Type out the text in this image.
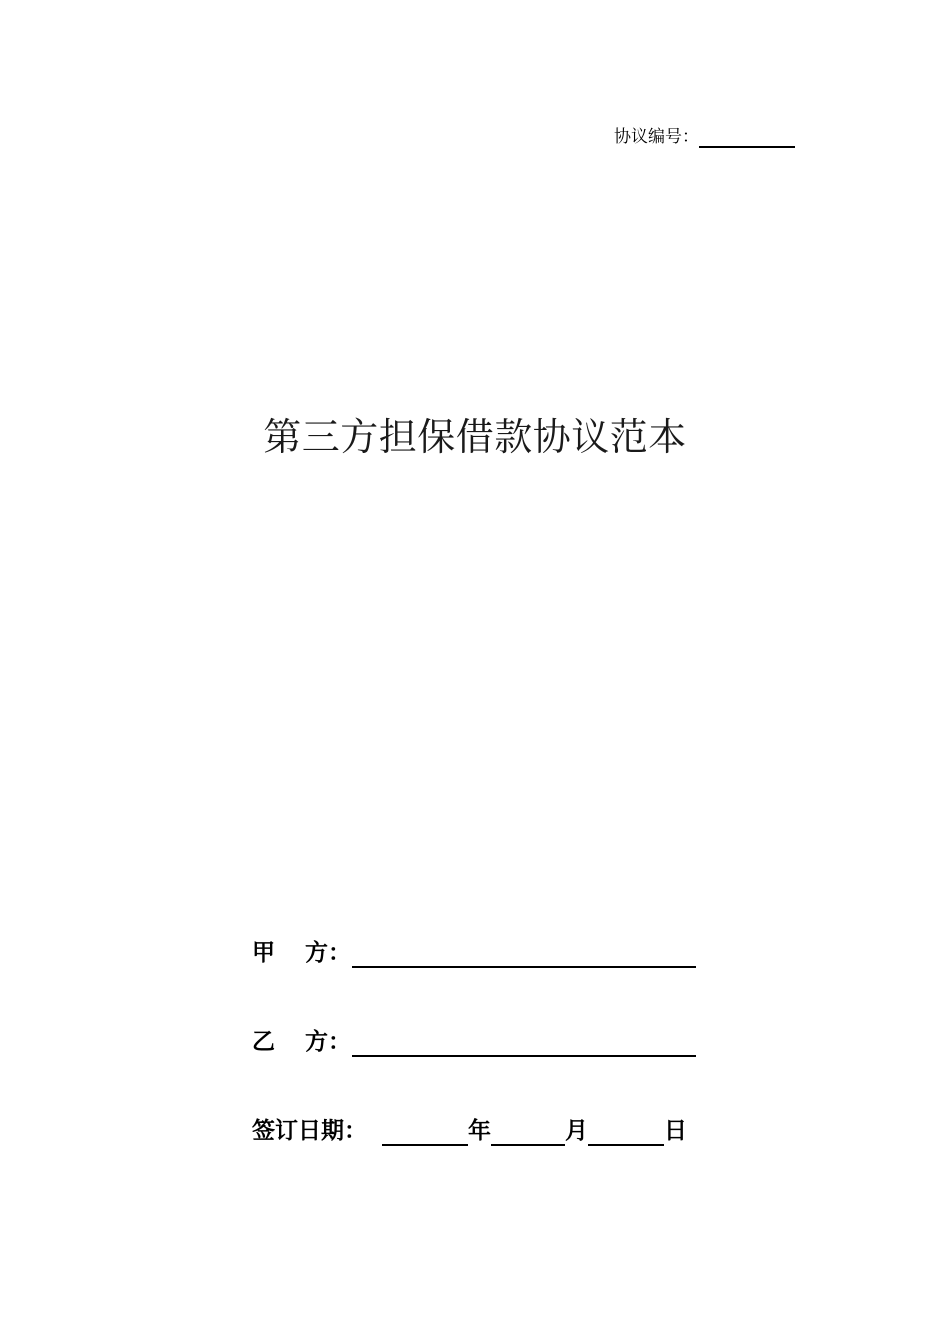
协议编号：
第三方担保借款协议范本
甲 方：
乙 方：
签订日期：	年	月	日
